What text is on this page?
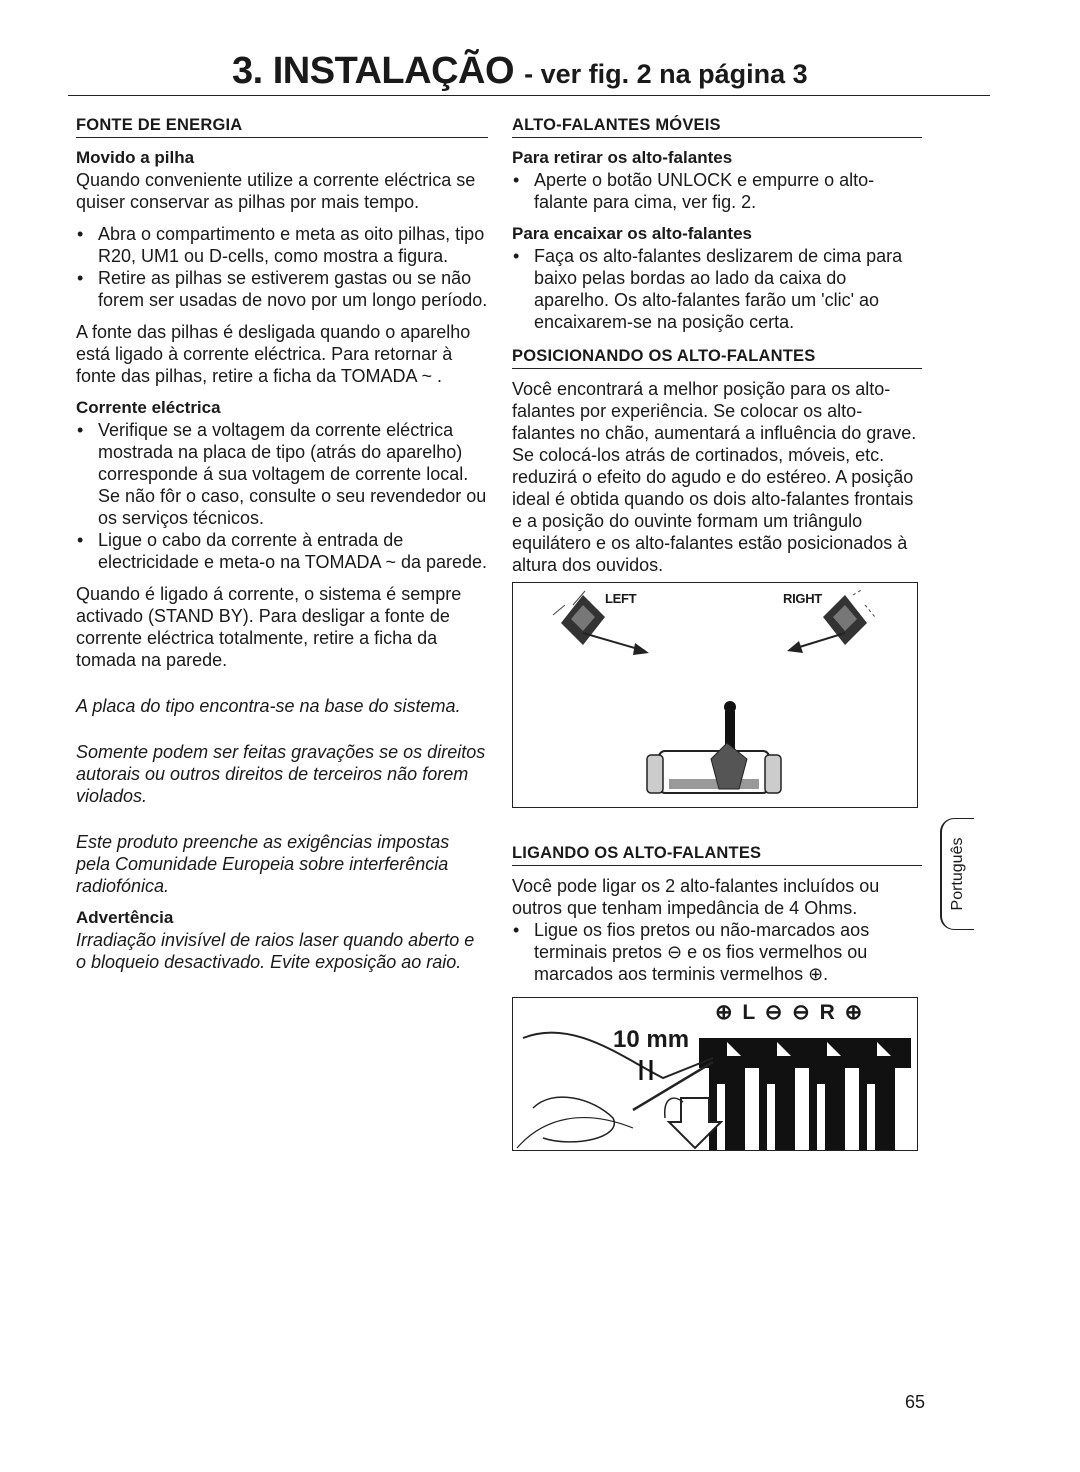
3. INSTALAÇÃO - ver fig. 2 na página 3
FONTE DE ENERGIA
Movido a pilha

Quando conveniente utilize a corrente eléctrica se quiser conservar as pilhas por mais tempo.

• Abra o compartimento e meta as oito pilhas, tipo R20, UM1 ou D-cells, como mostra a figura.
• Retire as pilhas se estiverem gastas ou se não forem ser usadas de novo por um longo período.

A fonte das pilhas é desligada quando o aparelho está ligado à corrente eléctrica. Para retornar à fonte das pilhas, retire a ficha da TOMADA ~ .

Corrente eléctrica
• Verifique se a voltagem da corrente eléctrica mostrada na placa de tipo (atrás do aparelho) corresponde á sua voltagem de corrente local. Se não fôr o caso, consulte o seu revendedor ou os serviços técnicos.
• Ligue o cabo da corrente à entrada de electricidade e meta-o na TOMADA ~ da parede.

Quando é ligado á corrente, o sistema é sempre activado (STAND BY). Para desligar a fonte de corrente eléctrica totalmente, retire a ficha da tomada na parede.

A placa do tipo encontra-se na base do sistema.

Somente podem ser feitas gravações se os direitos autorais ou outros direitos de terceiros não forem violados.

Este produto preenche as exigências impostas pela Comunidade Europeia sobre interferência radiofónica.

Advertência

Irradiação invisível de raios laser quando aberto e o bloqueio desactivado. Evite exposição ao raio.

ALTO-FALANTES MÓVEIS
Para retirar os alto-falantes
• Aperte o botão UNLOCK e empurre o alto-falante para cima, ver fig. 2.
Para encaixar os alto-falantes
• Faça os alto-falantes deslizarem de cima para baixo pelas bordas ao lado da caixa do aparelho. Os alto-falantes farão um 'clic' ao encaixarem-se na posição certa.
POSICIONANDO OS ALTO-FALANTES

Você encontrará a melhor posição para os alto-falantes por experiência. Se colocar os alto-falantes no chão, aumentará a influência do grave. Se colocá-los atrás de cortinados, móveis, etc. reduzirá o efeito do agudo e do estéreo. A posição ideal é obtida quando os dois alto-falantes frontais e a posição do ouvinte formam um triângulo equilátero e os alto-falantes estão posicionados à altura dos ouvidos.

LEFT	RIGHT
LIGANDO OS ALTO-FALANTES

Você pode ligar os 2 alto-falantes incluídos ou outros que tenham impedância de 4 Ohms.

• Ligue os fios pretos ou não-marcados aos terminais pretos ⊖ e os fios vermelhos ou marcados aos terminis vermelhos ⊕.
⊕ L ⊖ ⊖ R ⊕
10 mm
Português
65
